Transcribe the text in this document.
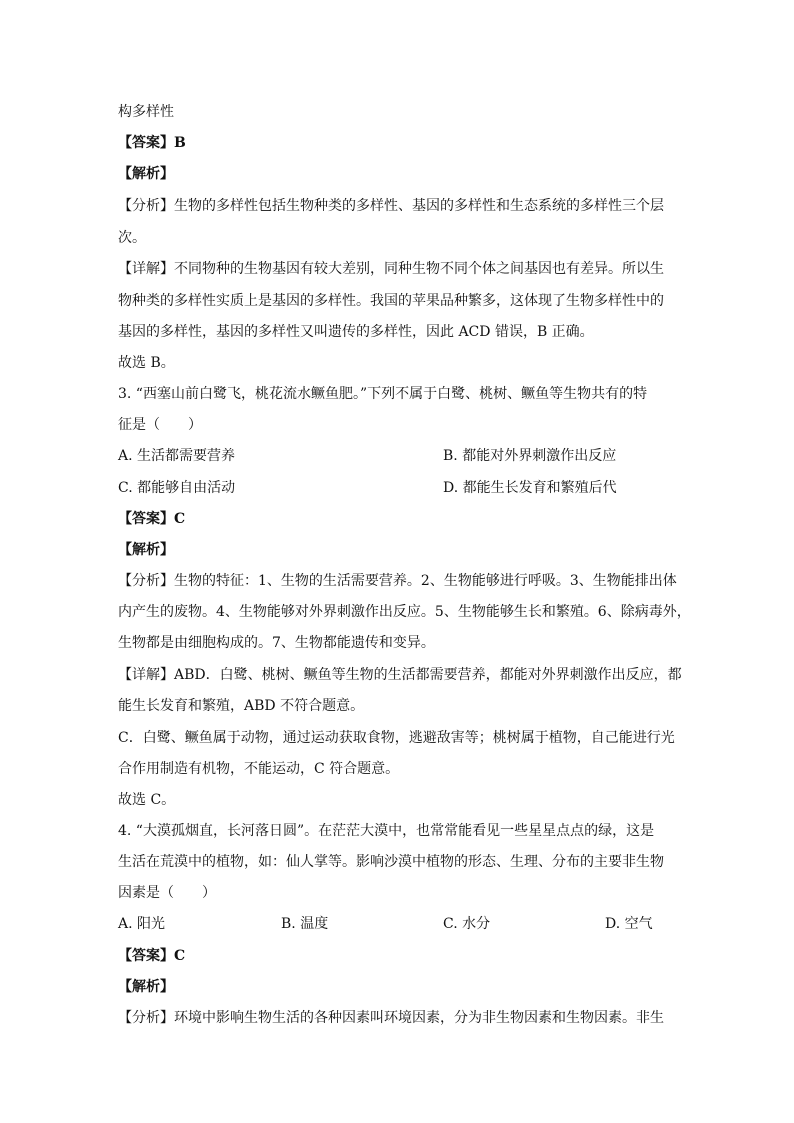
构多样性
【答案】B
【解析】
【分析】生物的多样性包括生物种类的多样性、基因的多样性和生态系统的多样性三个层
次。
【详解】不同物种的生物基因有较大差别，同种生物不同个体之间基因也有差异。所以生
物种类的多样性实质上是基因的多样性。我国的苹果品种繁多，这体现了生物多样性中的
基因的多样性，基因的多样性又叫遗传的多样性，因此 ACD 错误，B 正确。
故选 B。
3. “西塞山前白鹭飞，桃花流水鳜鱼肥。”下列不属于白鹭、桃树、鳜鱼等生物共有的特
征是（　　）
A. 生活都需要营养	B. 都能对外界刺激作出反应
C. 都能够自由活动	D. 都能生长发育和繁殖后代
【答案】C
【解析】
【分析】生物的特征：1、生物的生活需要营养。2、生物能够进行呼吸。3、生物能排出体
内产生的废物。4、生物能够对外界刺激作出反应。5、生物能够生长和繁殖。6、除病毒外，
生物都是由细胞构成的。7、生物都能遗传和变异。
【详解】ABD．白鹭、桃树、鳜鱼等生物的生活都需要营养，都能对外界刺激作出反应，都
能生长发育和繁殖，ABD 不符合题意。
C．白鹭、鳜鱼属于动物，通过运动获取食物，逃避敌害等；桃树属于植物，自己能进行光
合作用制造有机物，不能运动，C 符合题意。
故选 C。
4. “大漠孤烟直，长河落日圆”。在茫茫大漠中，也常常能看见一些星星点点的绿，这是
生活在荒漠中的植物，如：仙人掌等。影响沙漠中植物的形态、生理、分布的主要非生物
因素是（　　）
A. 阳光	B. 温度	C. 水分	D. 空气
【答案】C
【解析】
【分析】环境中影响生物生活的各种因素叫环境因素，分为非生物因素和生物因素。非生
